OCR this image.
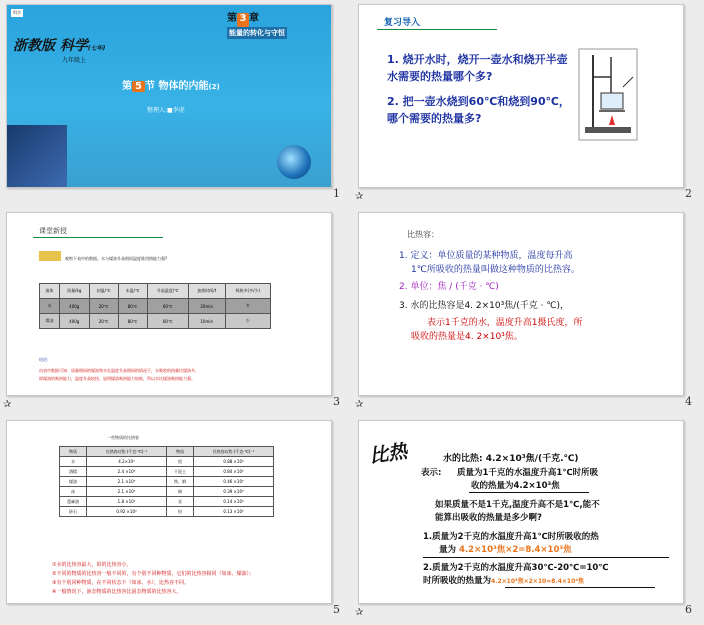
科学
浙教版 科学(七年)
九年级上
第 3 章
能量的转化与守恒
第 5 节 物体的内能(2)
整理人:■李虎
1
复习导入
1. 烧开水时，烧开一壶水和烧开半壶水需要的热量哪个多?
2. 把一壶水烧到60℃和烧到90℃，哪个需要的热量多?
✰	2
课堂新授
观察下表中的数据。水与煤油升高相同温度谁用热能力强?
液体	质量/kg	初温/℃	末温/℃	升高温度/℃	加热时间/t	吸热多(多/少)
水	400g	20℃	80℃	60℃	20min	多
煤油	400g	20℃	80℃	60℃	10min	少
结论:
由表中数据可知：质量相同的煤油和水在温度升高相同的情况下，水吸收的热量比煤油多。
即煤油的吸热能力，温度升高较快，说明煤油吸热能力较低，所以水比煤油吸热能力强。
✰	3
比热容：
1. 定义：单位质量的某种物质，温度每升高
1℃所吸收的热量叫做这种物质的比热容。
2. 单位：焦 / (千克 · ℃)
3. 水的比热容是4. 2×10³焦/(千克 · ℃)，
表示1千克的水，温度升高1摄氏度，所
吸收的热量是4. 2×10³焦。
✰	4
一些物质的比热容
物质	比热容c/焦·(千克·℃)⁻¹	物质	比热容c/焦·(千克·℃)⁻¹
水	4.2×10³	铝	0.88 ×10³
酒精	2.4 ×10³	干泥土	0.84 ×10³
煤油	2.1 ×10³	铁、钢	0.46 ×10³
冰	2.1 ×10³	铜	0.39 ×10³
蓖麻油	1.8 ×10³	汞	0.14 ×10³
砂石	0.92 ×10³	铅	0.13 ×10³
①水的比热容最大，铅的比热容小。
②不同的物质的比热容一般不同的，有个别不同种物质，它们的比热容相同（如冰、煤油）；
③有个别同种物质，在不同状态下（如冰、水），比热容不同。
④一般情况下，液态物质的比热容比固态物质的比热容大。
5
比热	水的比热: 4.2×10³焦/(千克.℃)
表示: 质量为1千克的水温度升高1℃时所吸
收的热量为4.2×10³焦
如果质量不是1千克,温度升高不是1℃,能不
能算出吸收的热量是多少啊?
1.质量为2千克的水温度升高1℃时所吸收的热
量为 4.2×10³焦×2=8.4×10³焦
2.质量为2千克的水温度升高30℃-20℃=10℃
时所吸收的热量为4.2×10³焦×2×10=8.4×10⁴焦
✰	6
